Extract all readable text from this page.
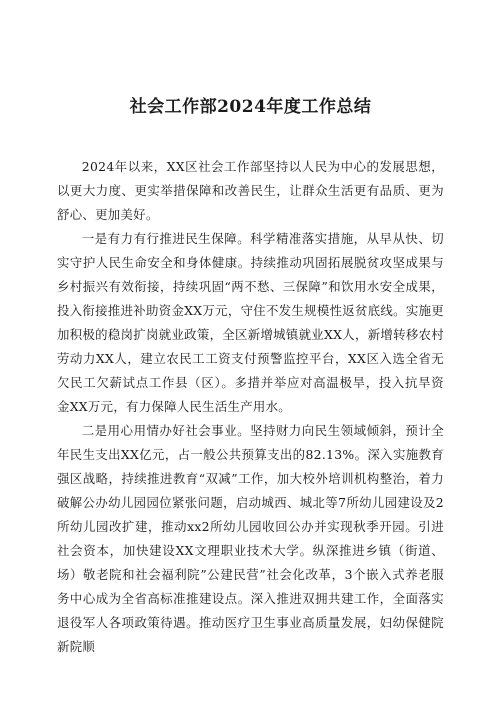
社会工作部2024年度工作总结

2024年以来，XX区社会工作部坚持以人民为中心的发展思想，以更大力度、更实举措保障和改善民生，让群众生活更有品质、更为舒心、更加美好。

一是有力有行推进民生保障。科学精准落实措施，从早从快、切实守护人民生命安全和身体健康。持续推动巩固拓展脱贫攻坚成果与乡村振兴有效衔接，持续巩固“两不愁、三保障”和饮用水安全成果，投入衔接推进补助资金XX万元，守住不发生规模性返贫底线。实施更加积极的稳岗扩岗就业政策，全区新增城镇就业XX人，新增转移农村劳动力XX人，建立农民工工资支付预警监控平台，XX区入选全省无欠民工欠薪试点工作县（区）。多措并举应对高温极旱，投入抗旱资金XX万元，有力保障人民生活生产用水。

二是用心用情办好社会事业。坚持财力向民生领域倾斜，预计全年民生支出XX亿元，占一般公共预算支出的82.13%。深入实施教育强区战略，持续推进教育“双减”工作，加大校外培训机构整治，着力破解公办幼儿园园位紧张问题，启动城西、城北等7所幼儿园建设及2所幼儿园改扩建，推动xx2所幼儿园收回公办并实现秋季开园。引进社会资本，加快建设XX文理职业技术大学。纵深推进乡镇（街道、场）敬老院和社会福利院”公建民营”社会化改革，3个嵌入式养老服务中心成为全省高标准推建设点。深入推进双拥共建工作，全面落实退役军人各项政策待遇。推动医疗卫生事业高质量发展，妇幼保健院新院顺
